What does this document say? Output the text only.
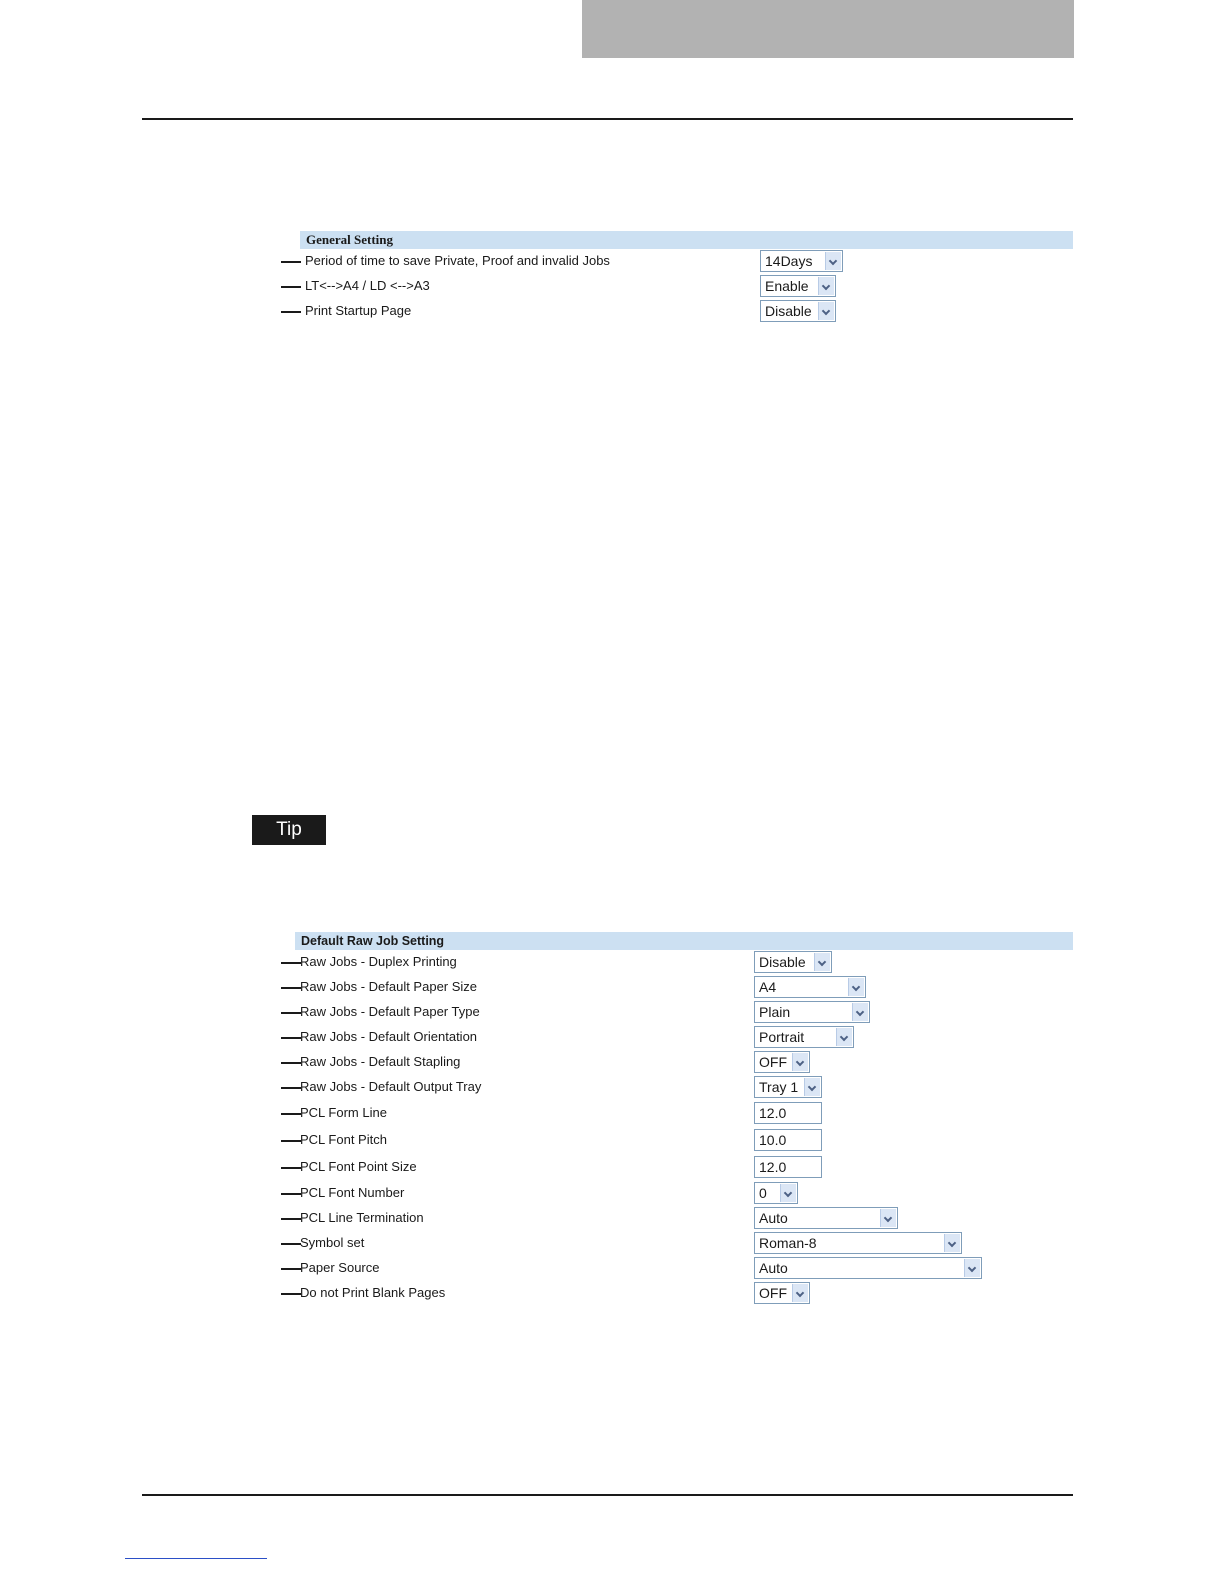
General Setting
Period of time to save Private, Proof and invalid Jobs	14Days
LT<-->A4 / LD <-->A3	Enable
Print Startup Page	Disable
Tip
Default Raw Job Setting
Raw Jobs - Duplex Printing	Disable
Raw Jobs - Default Paper Size	A4
Raw Jobs - Default Paper Type	Plain
Raw Jobs - Default Orientation	Portrait
Raw Jobs - Default Stapling	OFF
Raw Jobs - Default Output Tray	Tray 1
PCL Form Line	12.0
PCL Font Pitch	10.0
PCL Font Point Size	12.0
PCL Font Number	0
PCL Line Termination	Auto
Symbol set	Roman-8
Paper Source	Auto
Do not Print Blank Pages	OFF
